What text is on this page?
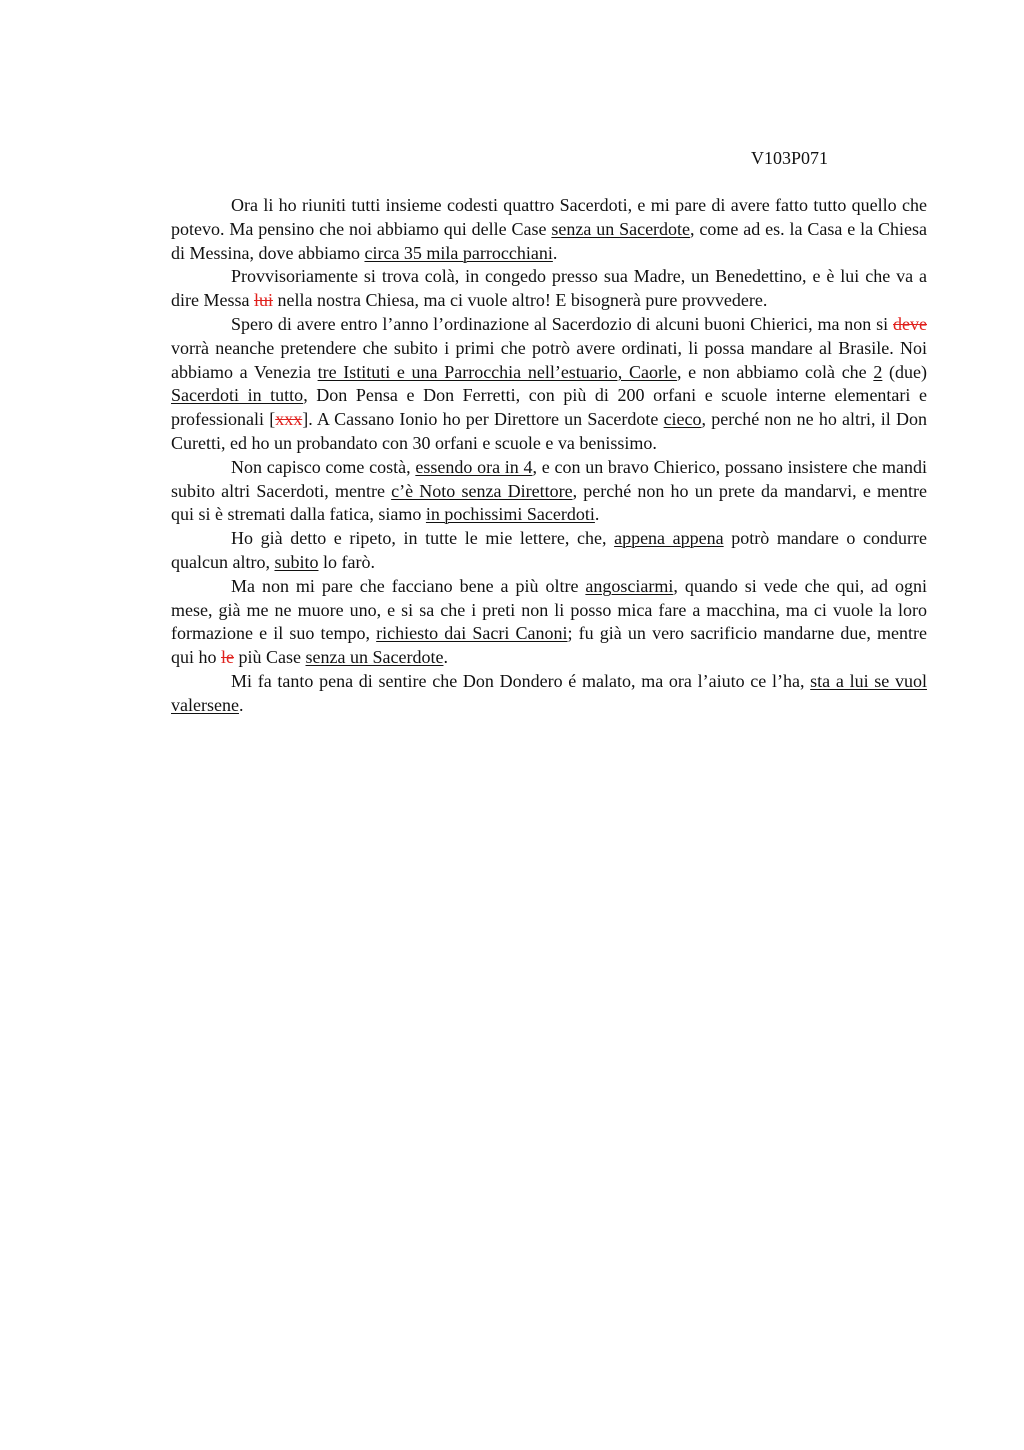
V103P071

Ora li ho riuniti tutti insieme codesti quattro Sacerdoti, e mi pare di avere fatto tutto quello che potevo. Ma pensino che noi abbiamo qui delle Case senza un Sacerdote, come ad es. la Casa e la Chiesa di Messina, dove abbiamo circa 35 mila parrocchiani.

Provvisoriamente si trova colà, in congedo presso sua Madre, un Benedettino, e è lui che va a dire Messa lui nella nostra Chiesa, ma ci vuole altro! E bisognerà pure provvedere.

Spero di avere entro l’anno l’ordinazione al Sacerdozio di alcuni buoni Chierici, ma non si deve vorrà neanche pretendere che subito i primi che potrò avere ordinati, li possa mandare al Brasile. Noi abbiamo a Venezia tre Istituti e una Parrocchia nell’estuario, Caorle, e non abbiamo colà che 2 (due) Sacerdoti in tutto, Don Pensa e Don Ferretti, con più di 200 orfani e scuole interne elementari e professionali [xxx]. A Cassano Ionio ho per Direttore un Sacerdote cieco, perché non ne ho altri, il Don Curetti, ed ho un probandato con 30 orfani e scuole e va benissimo.

Non capisco come costà, essendo ora in 4, e con un bravo Chierico, possano insistere che mandi subito altri Sacerdoti, mentre c’è Noto senza Direttore, perché non ho un prete da mandarvi, e mentre qui si è stremati dalla fatica, siamo in pochissimi Sacerdoti.

Ho già detto e ripeto, in tutte le mie lettere, che, appena appena potrò mandare o condurre qualcun altro, subito lo farò.

Ma non mi pare che facciano bene a più oltre angosciarmi, quando si vede che qui, ad ogni mese, già me ne muore uno, e si sa che i preti non li posso mica fare a macchina, ma ci vuole la loro formazione e il suo tempo, richiesto dai Sacri Canoni; fu già un vero sacrificio mandarne due, mentre qui ho le più Case senza un Sacerdote.

Mi fa tanto pena di sentire che Don Dondero é malato, ma ora l’aiuto ce l’ha, sta a lui se vuol valersene.
